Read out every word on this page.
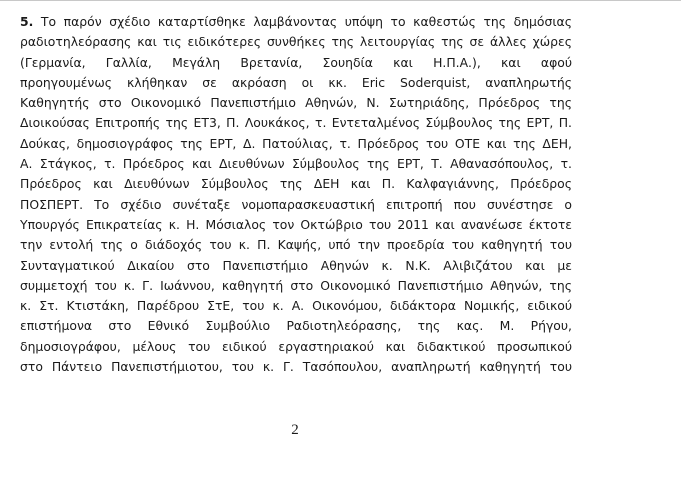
5. Το παρόν σχέδιο καταρτίσθηκε λαμβάνοντας υπόψη το καθεστώς της δημόσιας
ραδιοτηλεόρασης και τις ειδικότερες συνθήκες της λειτουργίας της σε άλλες χώρες
(Γερμανία, Γαλλία, Μεγάλη Βρετανία, Σουηδία και Η.Π.Α.), και αφού
προηγουμένως κλήθηκαν σε ακρόαση οι κκ. Eric Soderquist, αναπληρωτής
Καθηγητής στο Οικονομικό Πανεπιστήμιο Αθηνών, Ν. Σωτηριάδης, Πρόεδρος της
Διοικούσας Επιτροπής της ΕΤ3, Π. Λουκάκος, τ. Εντεταλμένος Σύμβουλος της ΕΡΤ, Π.
Δούκας, δημοσιογράφος της ΕΡΤ, Δ. Πατούλιας, τ. Πρόεδρος του ΟΤΕ και της ΔΕΗ,
Α. Στάγκος, τ. Πρόεδρος και Διευθύνων Σύμβουλος της ΕΡΤ, Τ. Αθανασόπουλος, τ.
Πρόεδρος και Διευθύνων Σύμβουλος της ΔΕΗ και Π. Καλφαγιάννης, Πρόεδρος
ΠΟΣΠΕΡΤ. Το σχέδιο συνέταξε νομοπαρασκευαστική επιτροπή που συνέστησε ο
Υπουργός Επικρατείας κ. Η. Μόσιαλος τον Οκτώβριο του 2011 και ανανέωσε έκτοτε
την εντολή της ο διάδοχός του κ. Π. Καψής, υπό την προεδρία του καθηγητή του
Συνταγματικού Δικαίου στο Πανεπιστήμιο Αθηνών κ. Ν.Κ. Αλιβιζάτου και με
συμμετοχή του κ. Γ. Ιωάννου, καθηγητή στο Οικονομικό Πανεπιστήμιο Αθηνών, της
κ. Στ. Κτιστάκη, Παρέδρου ΣτΕ, του κ. Α. Οικονόμου, διδάκτορα Νομικής, ειδικού
επιστήμονα στο Εθνικό Συμβούλιο Ραδιοτηλεόρασης, της κας. Μ. Ρήγου,
δημοσιογράφου, μέλους του ειδικού εργαστηριακού και διδακτικού προσωπικού
στο Πάντειο Πανεπιστήμιοτου, του κ. Γ. Τασόπουλου, αναπληρωτή καθηγητή του
2
